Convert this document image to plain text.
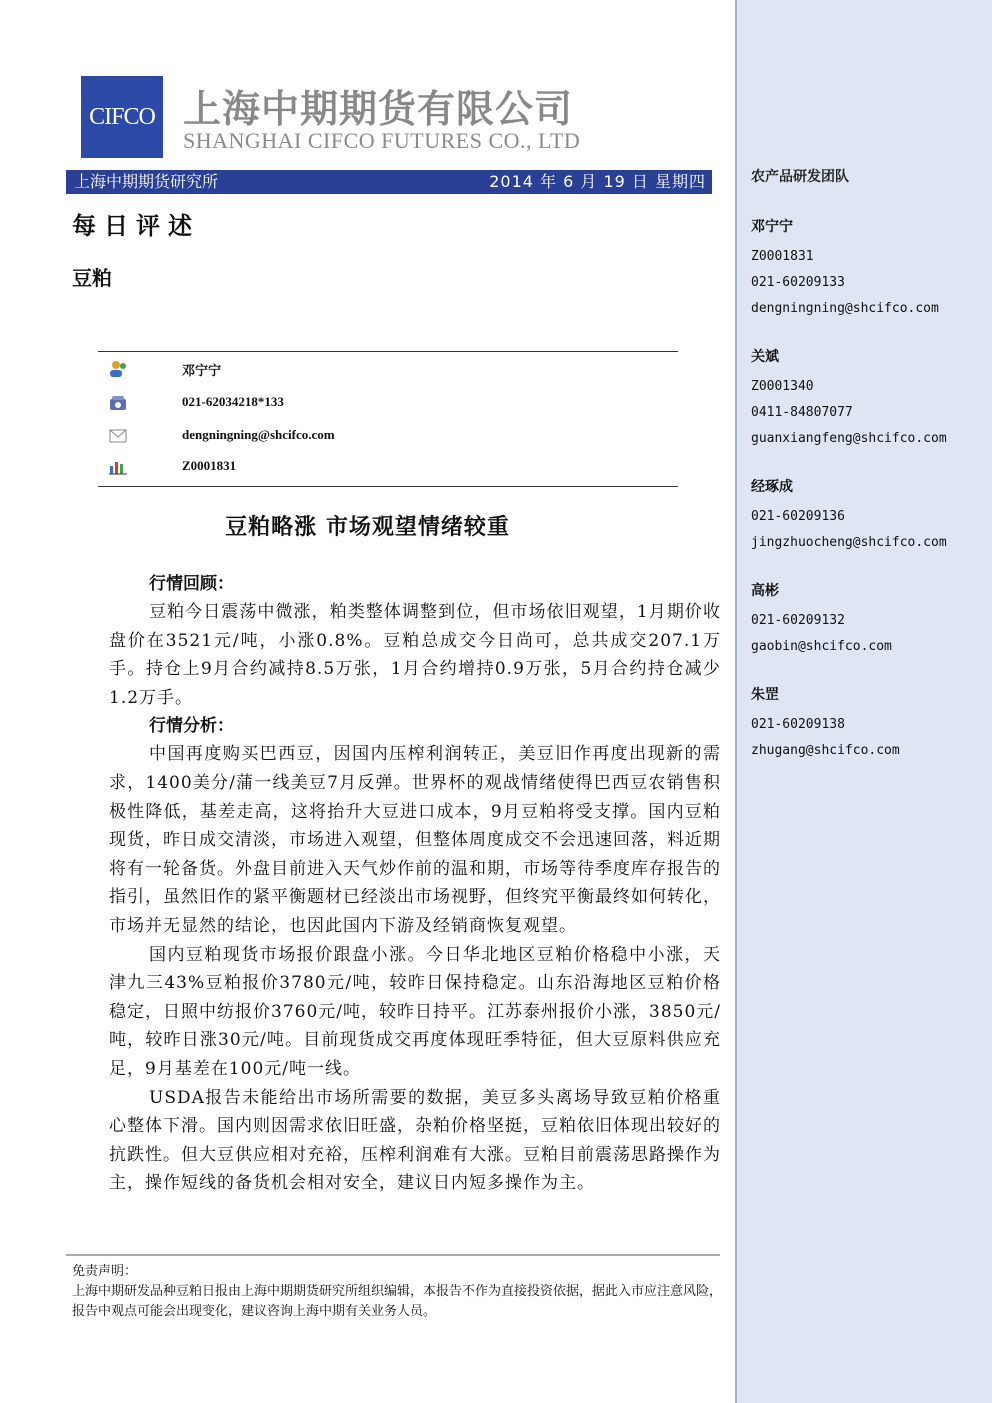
农产品研发团队
邓宁宁
Z0001831
021-60209133
dengningning@shcifco.com
关斌
Z0001340
0411-84807077
guanxiangfeng@shcifco.com
经琢成
021-60209136
jingzhuocheng@shcifco.com
高彬
021-60209132
gaobin@shcifco.com
朱罡
021-60209138
zhugang@shcifco.com
CIFCO 上海中期期货有限公司
SHANGHAI CIFCO FUTURES CO., LTD
上海中期期货研究所	2014 年 6 月 19 日 星期四
每日评述
豆粕
邓宁宁
021-62034218*133
dengningning@shcifco.com
Z0001831
豆粕略涨 市场观望情绪较重
行情回顾：

豆粕今日震荡中微涨，粕类整体调整到位，但市场依旧观望，1月期价收盘价在3521元/吨，小涨0.8%。豆粕总成交今日尚可，总共成交207.1万手。持仓上9月合约减持8.5万张，1月合约增持0.9万张，5月合约持仓减少1.2万手。

行情分析：

中国再度购买巴西豆，因国内压榨利润转正，美豆旧作再度出现新的需求，1400美分/蒲一线美豆7月反弹。世界杯的观战情绪使得巴西豆农销售积极性降低，基差走高，这将抬升大豆进口成本，9月豆粕将受支撑。国内豆粕现货，昨日成交清淡，市场进入观望，但整体周度成交不会迅速回落，料近期将有一轮备货。外盘目前进入天气炒作前的温和期，市场等待季度库存报告的指引，虽然旧作的紧平衡题材已经淡出市场视野，但终究平衡最终如何转化，市场并无显然的结论，也因此国内下游及经销商恢复观望。

国内豆粕现货市场报价跟盘小涨。今日华北地区豆粕价格稳中小涨，天津九三43%豆粕报价3780元/吨，较昨日保持稳定。山东沿海地区豆粕价格稳定，日照中纺报价3760元/吨，较昨日持平。江苏泰州报价小涨，3850元/吨，较昨日涨30元/吨。目前现货成交再度体现旺季特征，但大豆原料供应充足，9月基差在100元/吨一线。

USDA报告未能给出市场所需要的数据，美豆多头离场导致豆粕价格重心整体下滑。国内则因需求依旧旺盛，杂粕价格坚挺，豆粕依旧体现出较好的抗跌性。但大豆供应相对充裕，压榨利润难有大涨。豆粕目前震荡思路操作为主，操作短线的备货机会相对安全，建议日内短多操作为主。

免责声明：
上海中期研发品种豆粕日报由上海中期期货研究所组织编辑，本报告不作为直接投资依据，据此入市应注意风险，报告中观点可能会出现变化，建议咨询上海中期有关业务人员。
